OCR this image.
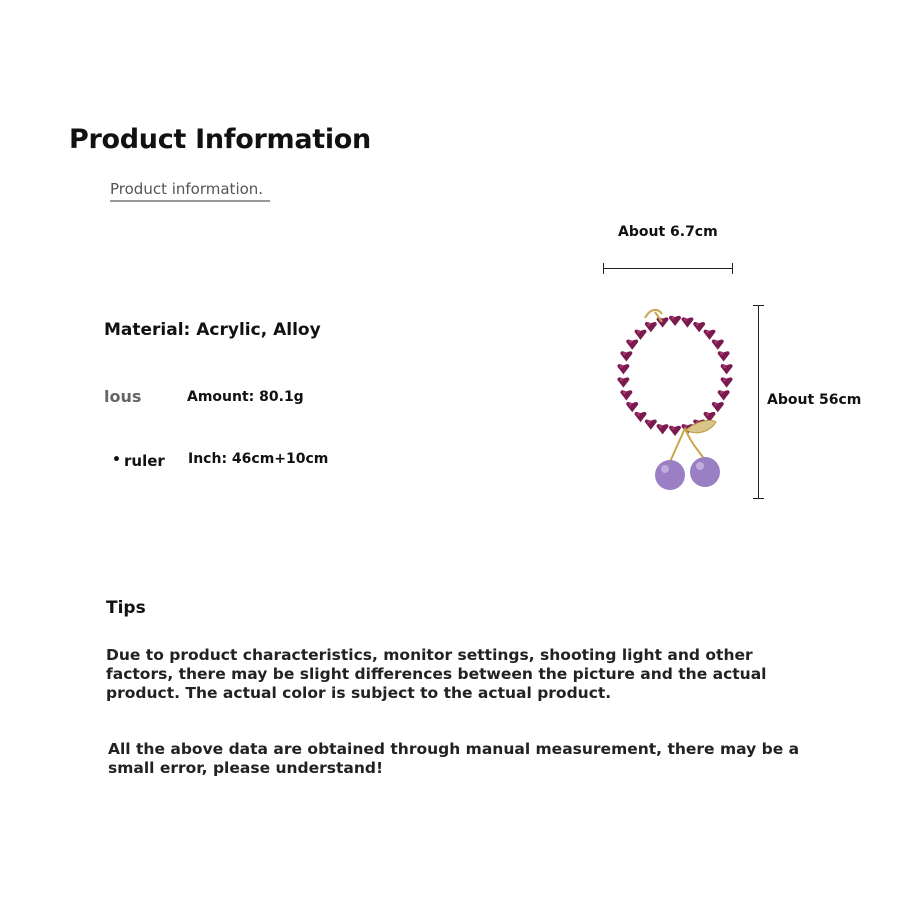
Product Information
Product information.
Material: Acrylic, Alloy
lous	Amount: 80.1g
• ruler Inch: 46cm+10cm
About 6.7cm
About 56cm
Tips
Due to product characteristics, monitor settings, shooting light and other factors, there may be slight differences between the picture and the actual product. The actual color is subject to the actual product.
All the above data are obtained through manual measurement, there may be a small error, please understand!
